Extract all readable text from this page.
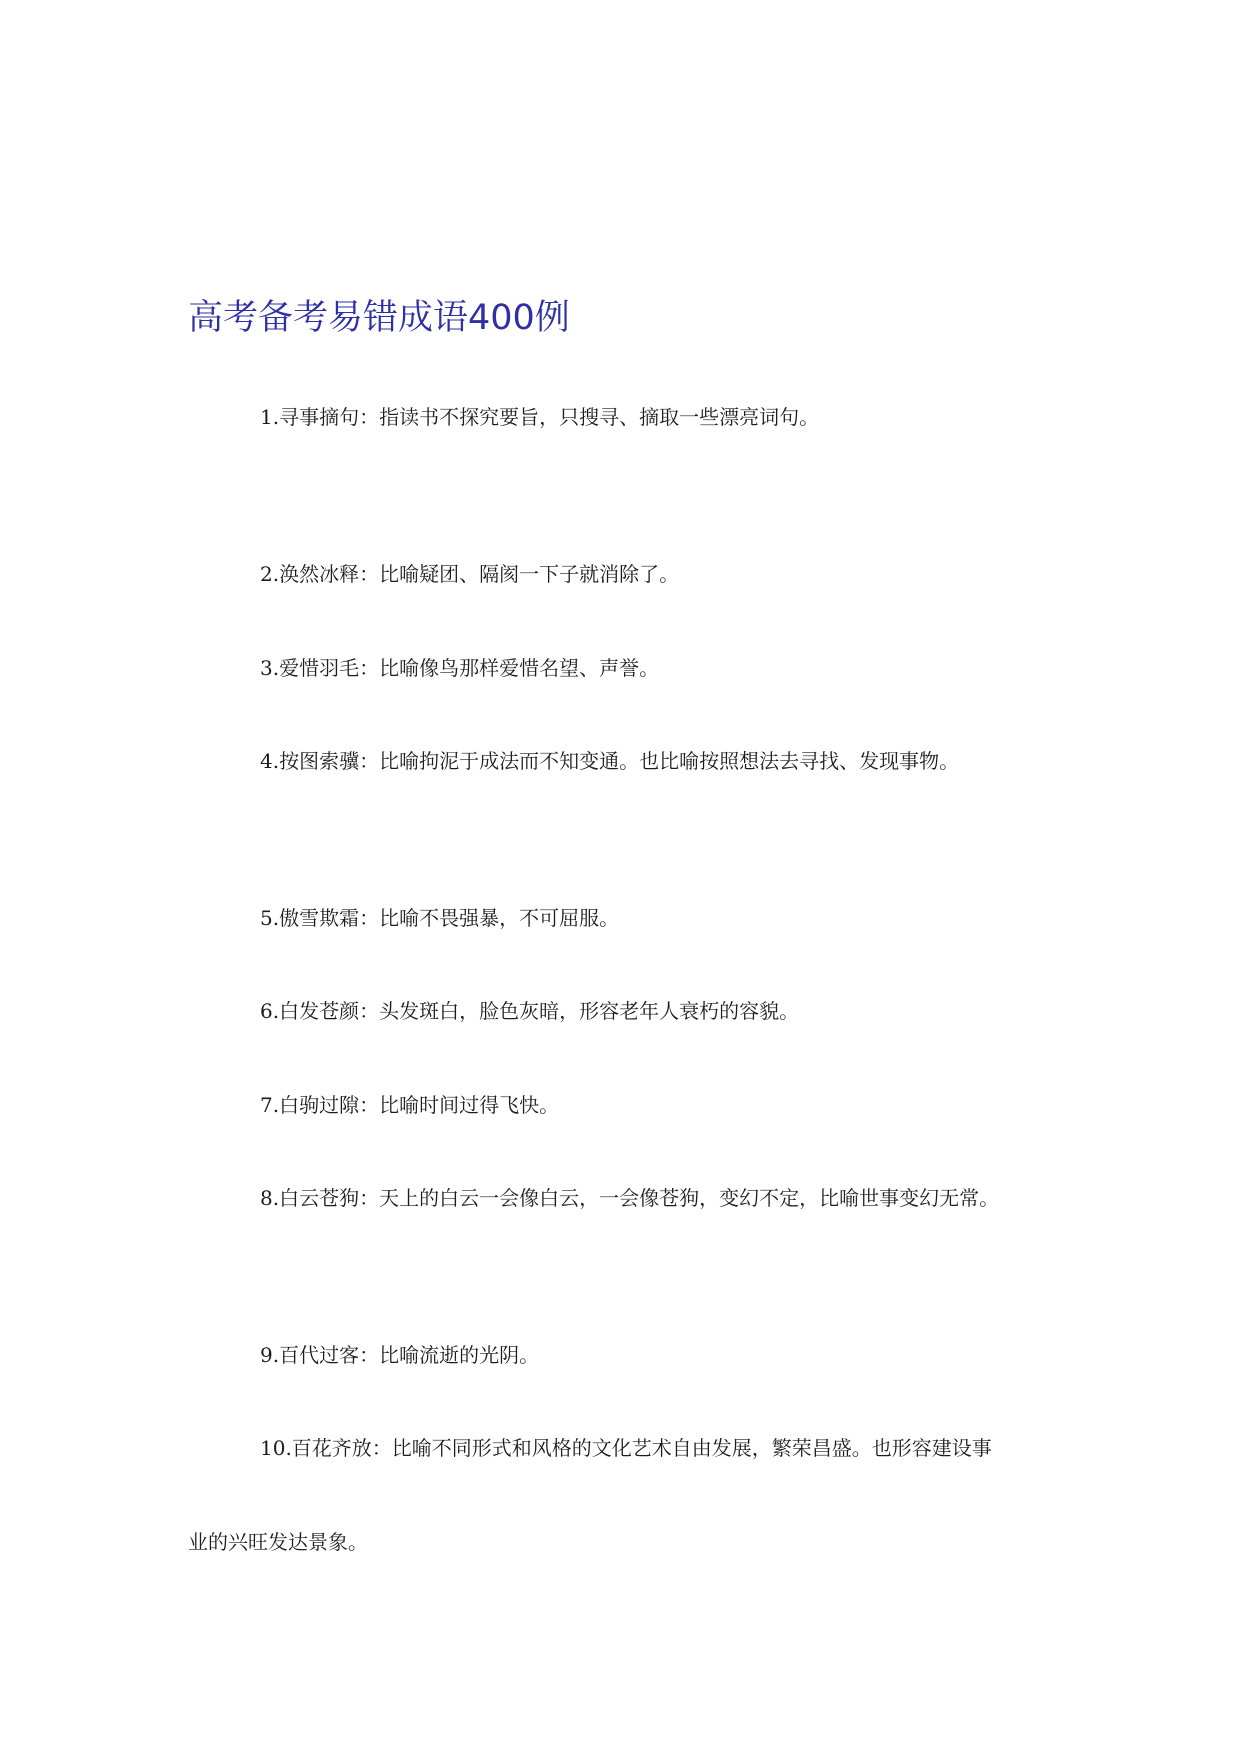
高考备考易错成语400例
1.寻事摘句：指读书不探究要旨，只搜寻、摘取一些漂亮词句。
2.涣然冰释：比喻疑团、隔阂一下子就消除了。
3.爱惜羽毛：比喻像鸟那样爱惜名望、声誉。
4.按图索骥：比喻拘泥于成法而不知变通。也比喻按照想法去寻找、发现事物。
5.傲雪欺霜：比喻不畏强暴，不可屈服。
6.白发苍颜：头发斑白，脸色灰暗，形容老年人衰朽的容貌。
7.白驹过隙：比喻时间过得飞快。
8.白云苍狗：天上的白云一会像白云，一会像苍狗，变幻不定，比喻世事变幻无常。
9.百代过客：比喻流逝的光阴。
10.百花齐放：比喻不同形式和风格的文化艺术自由发展，繁荣昌盛。也形容建设事
业的兴旺发达景象。
